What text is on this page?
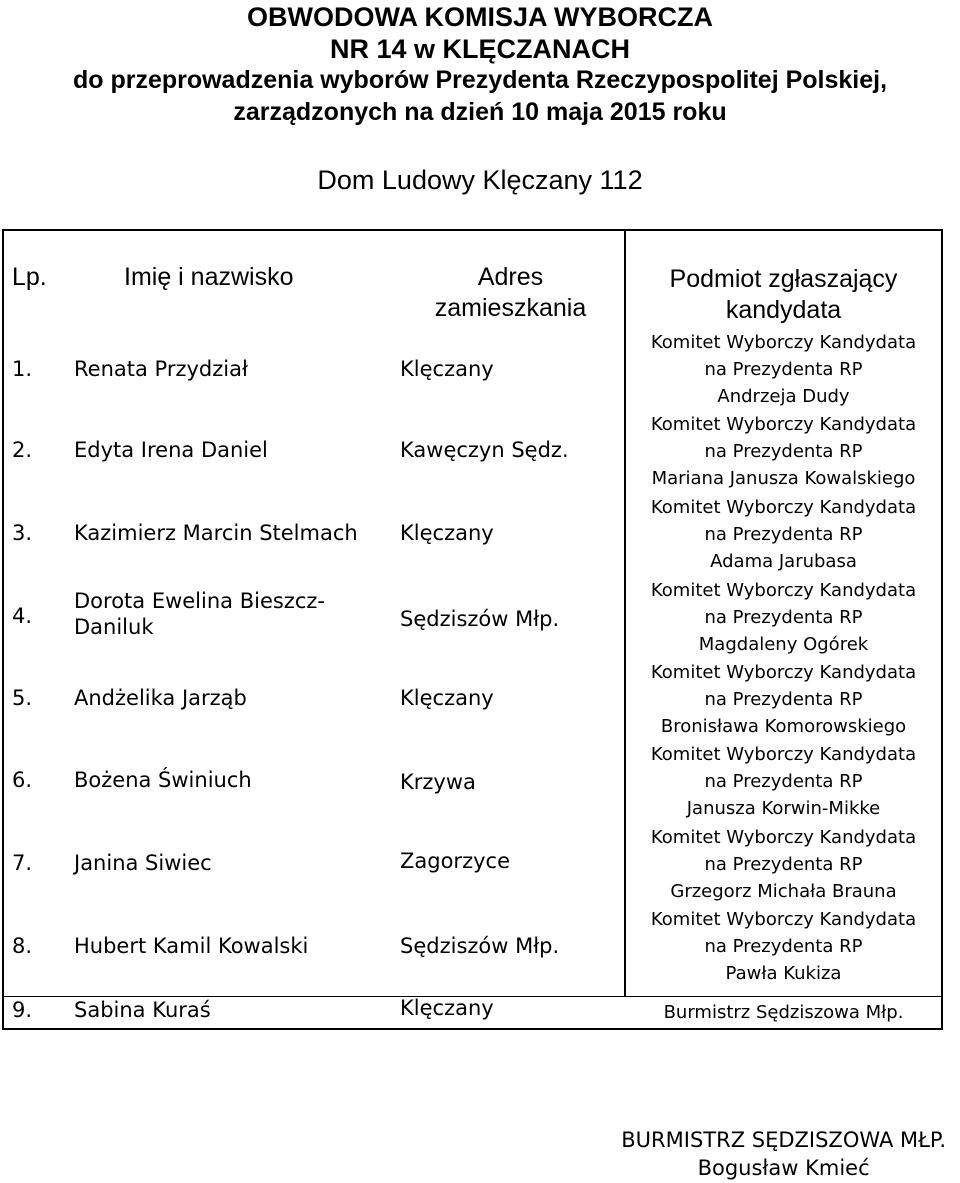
OBWODOWA KOMISJA WYBORCZA
NR 14 w KLĘCZANACH
do przeprowadzenia wyborów Prezydenta Rzeczypospolitej Polskiej,
zarządzonych na dzień 10 maja 2015 roku
Dom Ludowy Klęczany 112
Lp.	Imię i nazwisko	Adres
zamieszkania
Podmiot zgłaszający
kandydata
1.
2.
3.
4.
5.
6.
7.
8.
9.
Renata Przydział
Edyta Irena Daniel
Kazimierz Marcin Stelmach
Dorota Ewelina Bieszcz-
Daniluk
Andżelika Jarząb
Bożena Świniuch
Janina Siwiec
Hubert Kamil Kowalski
Sabina Kuraś
Klęczany
Kawęczyn Sędz.
Klęczany
Sędziszów Młp.
Klęczany
Krzywa
Zagorzyce
Sędziszów Młp.
Klęczany
Komitet Wyborczy Kandydata
na Prezydenta RP
Andrzeja Dudy
Komitet Wyborczy Kandydata
na Prezydenta RP
Mariana Janusza Kowalskiego
Komitet Wyborczy Kandydata
na Prezydenta RP
Adama Jarubasa
Komitet Wyborczy Kandydata
na Prezydenta RP
Magdaleny Ogórek
Komitet Wyborczy Kandydata
na Prezydenta RP
Bronisława Komorowskiego
Komitet Wyborczy Kandydata
na Prezydenta RP
Janusza Korwin-Mikke
Komitet Wyborczy Kandydata
na Prezydenta RP
Grzegorz Michała Brauna
Komitet Wyborczy Kandydata
na Prezydenta RP
Pawła Kukiza
Burmistrz Sędziszowa Młp.
BURMISTRZ SĘDZISZOWA MŁP.
Bogusław Kmieć
